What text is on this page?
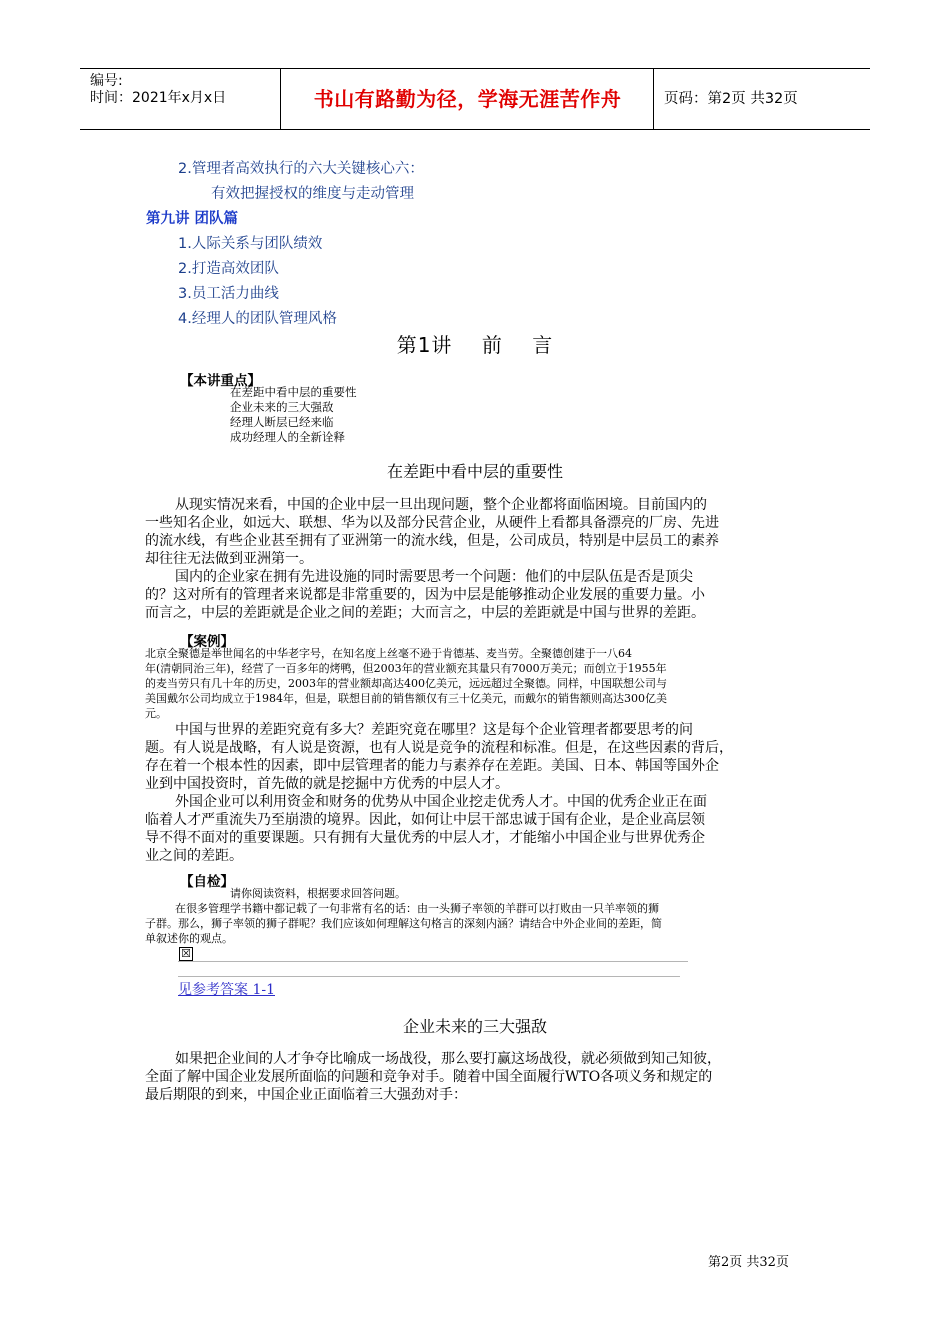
编号:
时间：2021年x月x日	书山有路勤为径，学海无涯苦作舟	页码：第2页 共32页
2.管理者高效执行的六大关键核心六：
有效把握授权的维度与走动管理
第九讲 团队篇
1.人际关系与团队绩效
2.打造高效团队
3.员工活力曲线
4.经理人的团队管理风格
第1讲    前    言
【本讲重点】
在差距中看中层的重要性
企业未来的三大强敌
经理人断层已经来临
成功经理人的全新诠释
在差距中看中层的重要性
从现实情况来看，中国的企业中层一旦出现问题，整个企业都将面临困境。目前国内的
一些知名企业，如远大、联想、华为以及部分民营企业，从硬件上看都具备漂亮的厂房、先进
的流水线，有些企业甚至拥有了亚洲第一的流水线，但是，公司成员，特别是中层员工的素养
却往往无法做到亚洲第一。
国内的企业家在拥有先进设施的同时需要思考一个问题：他们的中层队伍是否是顶尖
的？这对所有的管理者来说都是非常重要的，因为中层是能够推动企业发展的重要力量。小
而言之，中层的差距就是企业之间的差距；大而言之，中层的差距就是中国与世界的差距。
【案例】
北京全聚德是举世闻名的中华老字号，在知名度上丝毫不逊于肯德基、麦当劳。全聚德创建于一八64
年(清朝同治三年)，经营了一百多年的烤鸭，但2003年的营业额充其量只有7000万美元；而创立于1955年
的麦当劳只有几十年的历史，2003年的营业额却高达400亿美元，远远超过全聚德。同样，中国联想公司与
美国戴尔公司均成立于1984年，但是，联想目前的销售额仅有三十亿美元，而戴尔的销售额则高达300亿美
元。
中国与世界的差距究竟有多大？差距究竟在哪里？这是每个企业管理者都要思考的问
题。有人说是战略，有人说是资源，也有人说是竞争的流程和标准。但是，在这些因素的背后，
存在着一个根本性的因素，即中层管理者的能力与素养存在差距。美国、日本、韩国等国外企
业到中国投资时，首先做的就是挖掘中方优秀的中层人才。
外国企业可以利用资金和财务的优势从中国企业挖走优秀人才。中国的优秀企业正在面
临着人才严重流失乃至崩溃的境界。因此，如何让中层干部忠诚于国有企业，是企业高层领
导不得不面对的重要课题。只有拥有大量优秀的中层人才，才能缩小中国企业与世界优秀企
业之间的差距。
【自检】
请你阅读资料，根据要求回答问题。
在很多管理学书籍中都记载了一句非常有名的话：由一头狮子率领的羊群可以打败由一只羊率领的狮
子群。那么，狮子率领的狮子群呢？我们应该如何理解这句格言的深刻内涵？请结合中外企业间的差距，简
单叙述你的观点。
☒
见参考答案 1-1
企业未来的三大强敌
如果把企业间的人才争夺比喻成一场战役，那么要打赢这场战役，就必须做到知己知彼，
全面了解中国企业发展所面临的问题和竞争对手。随着中国全面履行WTO各项义务和规定的
最后期限的到来，中国企业正面临着三大强劲对手：
第2页 共32页
